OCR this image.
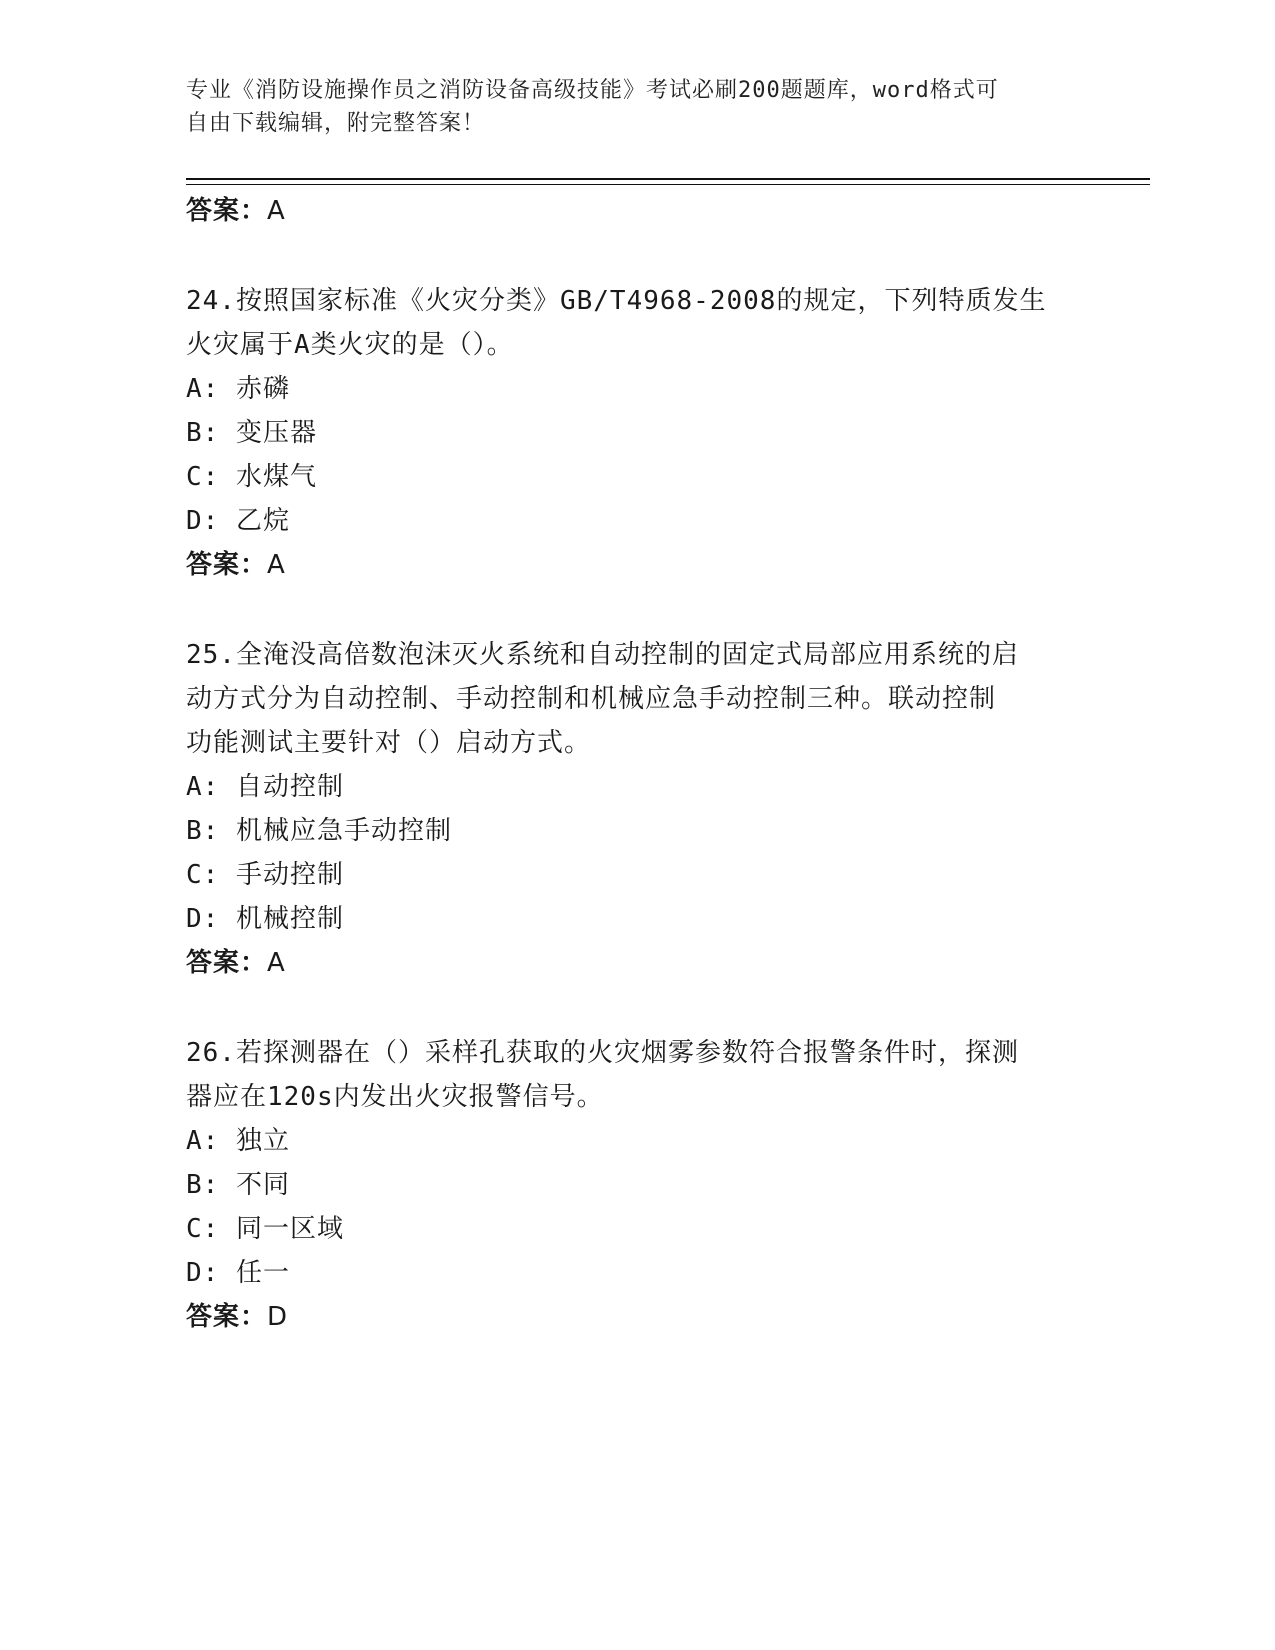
专业《消防设施操作员之消防设备高级技能》考试必刷200题题库，word格式可
自由下载编辑，附完整答案！
答案：A
24.按照国家标准《火灾分类》GB/T4968-2008的规定，下列特质发生
火灾属于A类火灾的是（）。
A: 赤磷
B: 变压器
C: 水煤气
D: 乙烷
答案：A
25.全淹没高倍数泡沫灭火系统和自动控制的固定式局部应用系统的启
动方式分为自动控制、手动控制和机械应急手动控制三种。联动控制
功能测试主要针对（）启动方式。
A: 自动控制
B: 机械应急手动控制
C: 手动控制
D: 机械控制
答案：A
26.若探测器在（）采样孔获取的火灾烟雾参数符合报警条件时，探测
器应在120s内发出火灾报警信号。
A: 独立
B: 不同
C: 同一区域
D: 任一
答案：D
